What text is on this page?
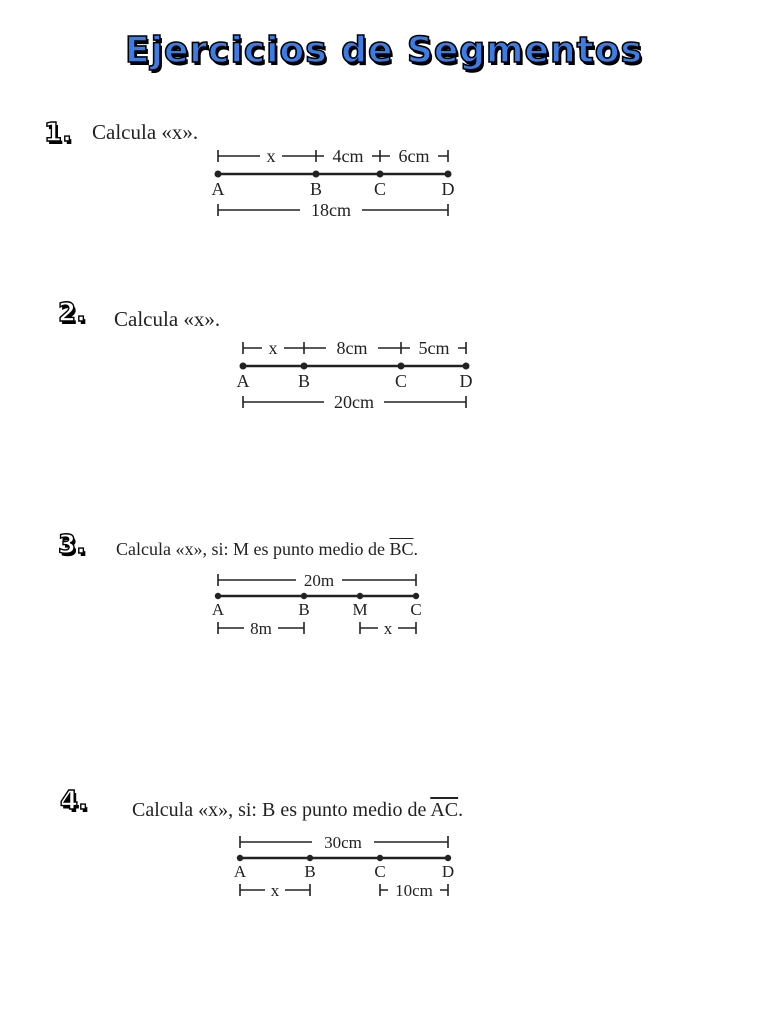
Ejercicios de Segmentos
1. Calcula «x».
x	4cm 6cm
A	B	C	D
18cm
2. Calcula «x».
x	8cm	5cm
A	B	C	D
20cm
3. Calcula «x», si: M es punto medio de $\overline{BC}$.
20m
A	B	M	C
8m	x
4. Calcula «x», si: B es punto medio de $\overline{AC}$.
30cm
A	B	C	D
x	10cm
